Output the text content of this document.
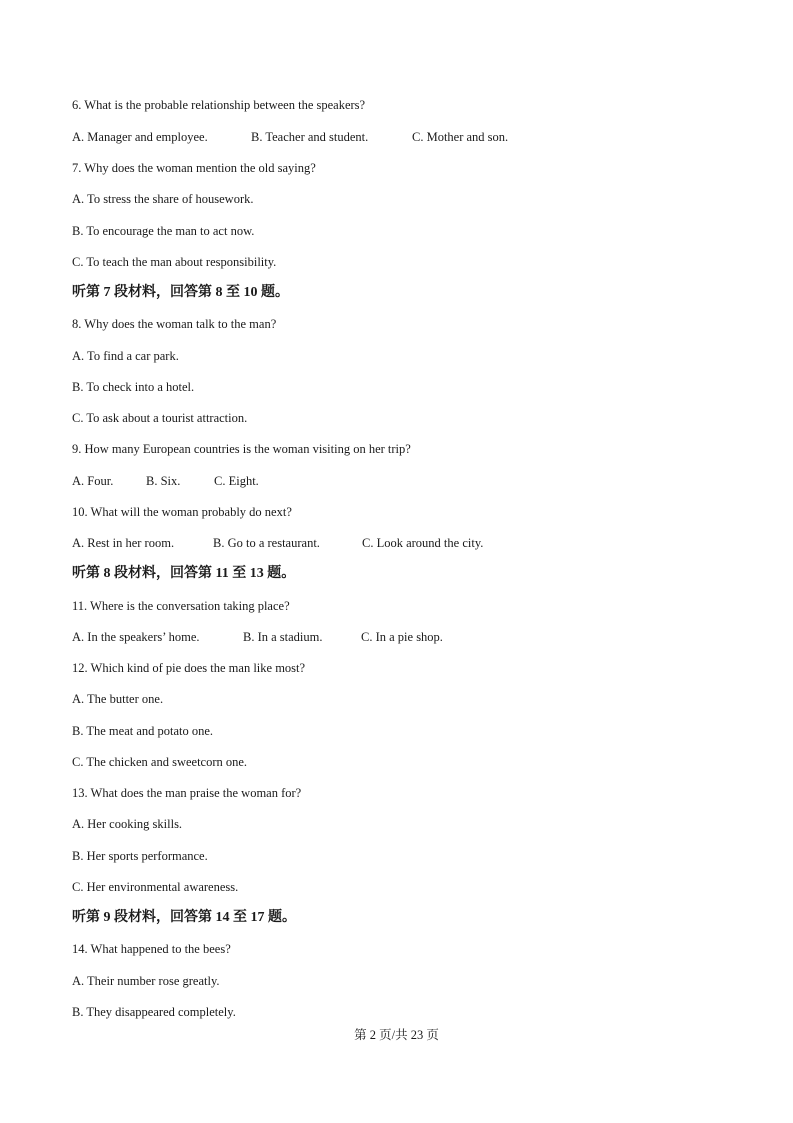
6. What is the probable relationship between the speakers?
A. Manager and employee.	B. Teacher and student.	C. Mother and son.
7. Why does the woman mention the old saying?
A. To stress the share of housework.
B. To encourage the man to act now.
C. To teach the man about responsibility.
听第 7 段材料，回答第 8 至 10 题。
8. Why does the woman talk to the man?
A. To find a car park.
B. To check into a hotel.
C. To ask about a tourist attraction.
9. How many European countries is the woman visiting on her trip?
A. Four.	B. Six.	C. Eight.
10. What will the woman probably do next?
A. Rest in her room.	B. Go to a restaurant.	C. Look around the city.
听第 8 段材料，回答第 11 至 13 题。
11. Where is the conversation taking place?
A. In the speakers’ home.	B. In a stadium.	C. In a pie shop.
12. Which kind of pie does the man like most?
A. The butter one.
B. The meat and potato one.
C. The chicken and sweetcorn one.
13. What does the man praise the woman for?
A. Her cooking skills.
B. Her sports performance.
C. Her environmental awareness.
听第 9 段材料，回答第 14 至 17 题。
14. What happened to the bees?
A. Their number rose greatly.
B. They disappeared completely.
第 2 页/共 23 页
